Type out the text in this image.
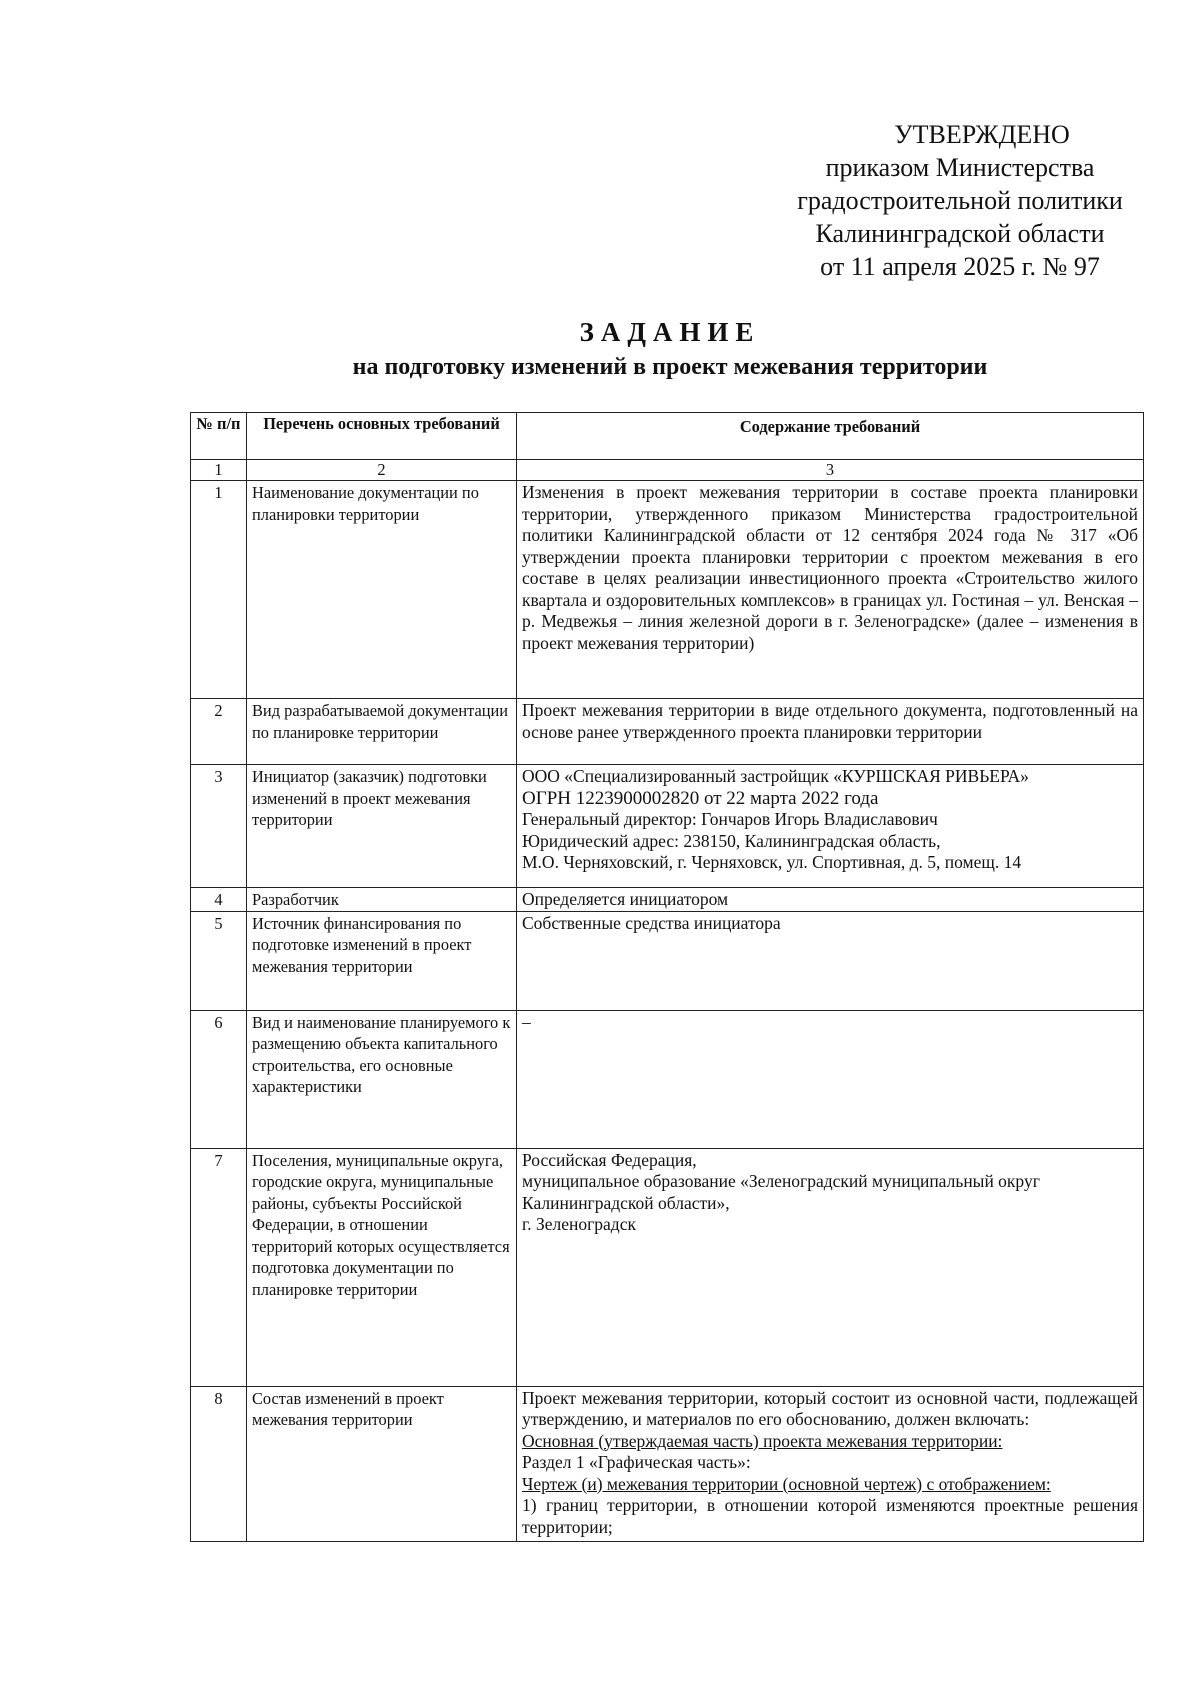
УТВЕРЖДЕНО
приказом Министерства
градостроительной политики
Калининградской области
от 11 апреля 2025 г. № 97
ЗАДАНИЕ
на подготовку изменений в проект межевания территории
№ п/п	Перечень основных требований	Содержание требований
1	2	3
1	Наименование документации по планировки территории	Изменения в проект межевания территории в составе проекта планировки территории, утвержденного приказом Министерства градостроительной политики Калининградской области от 12 сентября 2024 года № 317 «Об утверждении проекта планировки территории с проектом межевания в его составе в целях реализации инвестиционного проекта «Строительство жилого квартала и оздоровительных комплексов» в границах ул. Гостиная – ул. Венская – р. Медвежья – линия железной дороги в г. Зеленоградске» (далее – изменения в проект межевания территории)
2	Вид разрабатываемой документации по планировке территории	Проект межевания территории в виде отдельного документа, подготовленный на основе ранее утвержденного проекта планировки территории
3	Инициатор (заказчик) подготовки изменений в проект межевания территории	ООО «Специализированный застройщик «КУРШСКАЯ РИВЬЕРА»
ОГРН 1223900002820 от 22 марта 2022 года
Генеральный директор: Гончаров Игорь Владиславович
Юридический адрес: 238150, Калининградская область,
М.О. Черняховский, г. Черняховск, ул. Спортивная, д. 5, помещ. 14

4	Разработчик	Определяется инициатором
5	Источник финансирования по подготовке изменений в проект межевания территории	Собственные средства инициатора
6	Вид и наименование планируемого к размещению объекта капитального строительства, его основные характеристики	–
7	Поселения, муниципальные округа, городские округа, муниципальные районы, субъекты Российской Федерации, в отношении территорий которых осуществляется подготовка документации по планировке территории	Российская Федерация,
муниципальное образование «Зеленоградский муниципальный округ
Калининградской области»,
г. Зеленоградск

8	Состав изменений в проект межевания территории	Проект межевания территории, который состоит из основной части, подлежащей утверждению, и материалов по его обоснованию, должен включать:
Основная (утверждаемая часть) проекта межевания территории:
Раздел 1 «Графическая часть»:
Чертеж (и) межевания территории (основной чертеж) с отображением:
1) границ территории, в отношении которой изменяются проектные решения территории;
